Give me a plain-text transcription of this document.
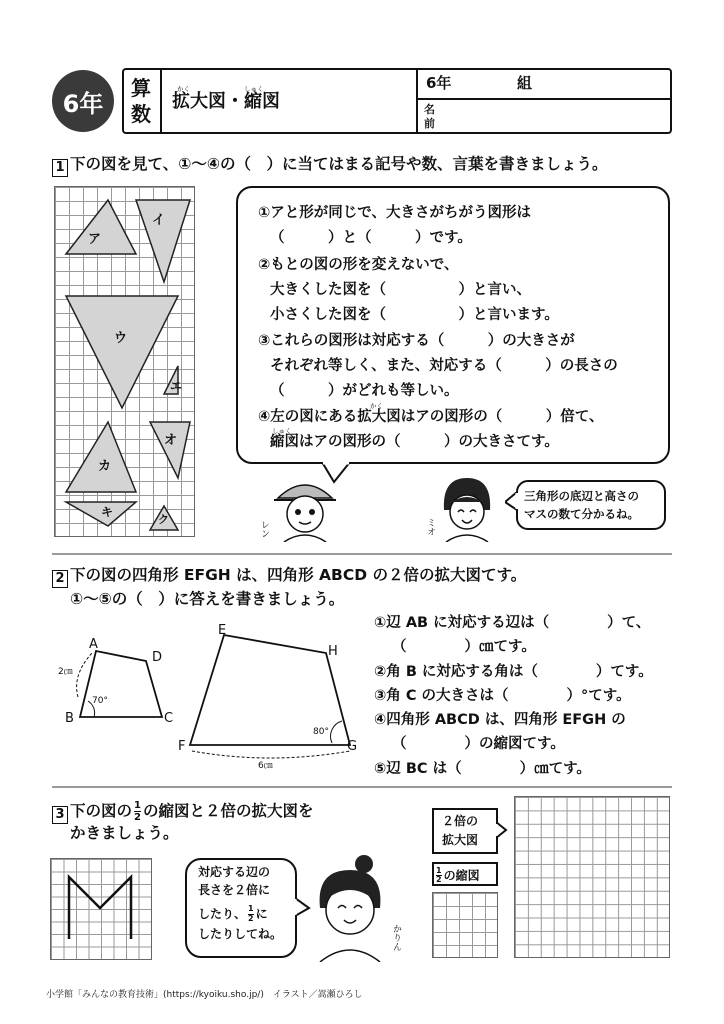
6年
算
数
かく	しゅく
拡大図・縮図
6年	組
名
前
1 下の図を見て、①～④の（　）に当てはまる記号や数、言葉を書きましょう。
ア
イ
ウ
エ
オ
カ
キ
ク
①アと形が同じで、大きさがちがう図形は
（　　　）と（　　　）です。
②もとの図の形を変えないで、
大きくした図を（　　　　　）と言い、
小さくした図を（　　　　　）と言います。
③これらの図形は対応する（　　　）の大きさが
それぞれ等しく、また、対応する（　　　）の長さの
（　　　）がどれも等しい。
かく
④左の図にある拡大図はアの図形の（　　　）倍て、
しゅく
縮図はアの図形の（　　　）の大きさてす。
レン	ミオ
三角形の底辺と高さの
マスの数て分かるね。
2 下の図の四角形 EFGH は、四角形 ABCD の２倍の拡大図てす。
①～⑤の（　）に答えを書きましょう。
A
B	C
D
2㎝
70°
E
F	G
H
80°
6㎝
①辺 AB に対応する辺は（　　　　）て、
（　　　　）㎝てす。
②角 B に対応する角は（　　　　）てす。
③角 C の大きさは（　　　　）°てす。
④四角形 ABCD は、四角形 EFGH の
（　　　　）の縮図てす。
⑤辺 BC は（　　　　）㎝てす。
3 下の図の $\frac{1}{2}$ の縮図と２倍の拡大図を
かきましょう。
対応する辺の
長さを２倍に
したり、 $\frac{1}{2}$ に
したりしてね。	かりん
２倍の
拡大図
$\frac{1}{2}$ の縮図
小学館「みんなの教育技術」(https://kyoiku.sho.jp/)　イラスト／嵩瀬ひろし
